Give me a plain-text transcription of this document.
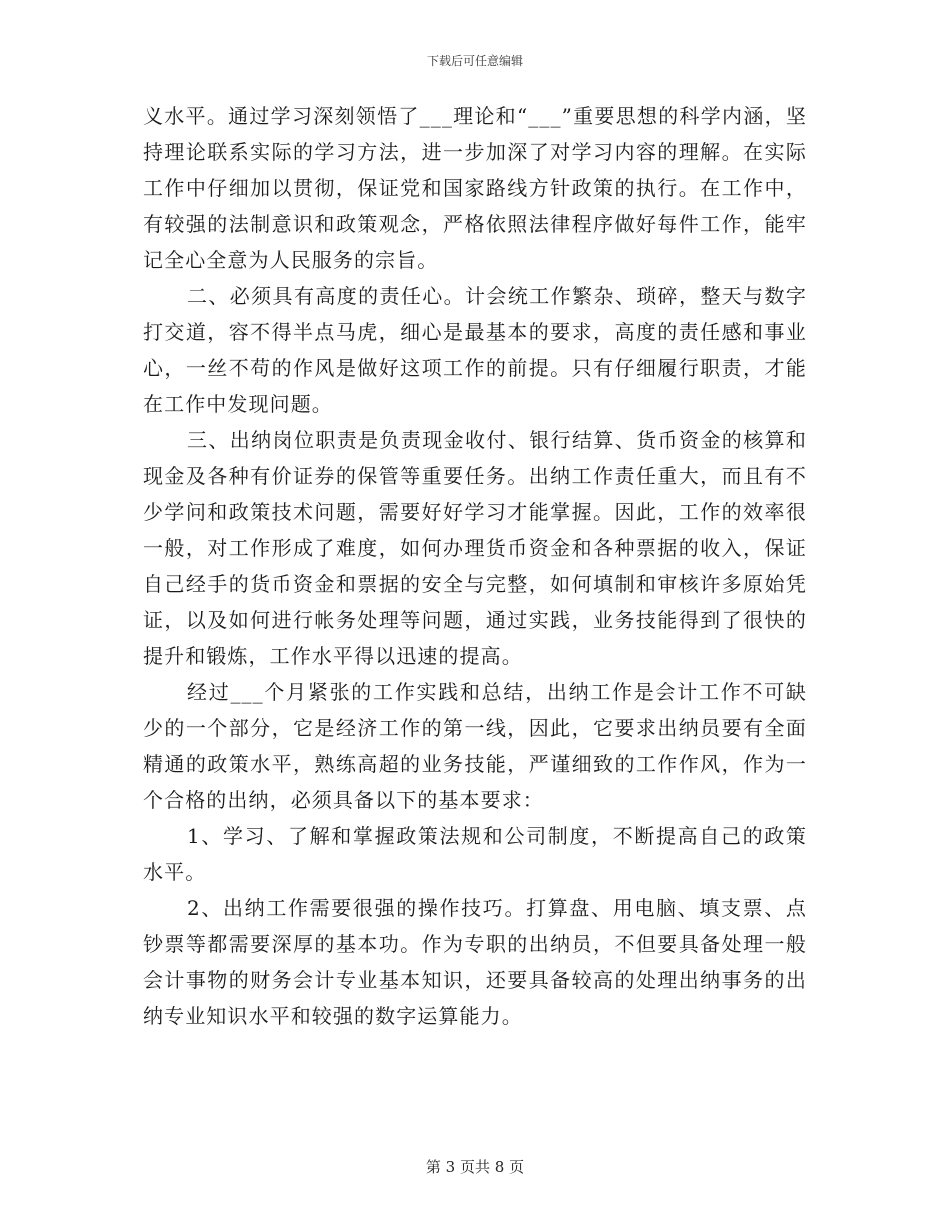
下载后可任意编辑

义水平。通过学习深刻领悟了___理论和“___”重要思想的科学内涵，坚持理论联系实际的学习方法，进一步加深了对学习内容的理解。在实际工作中仔细加以贯彻，保证党和国家路线方针政策的执行。在工作中，有较强的法制意识和政策观念，严格依照法律程序做好每件工作，能牢记全心全意为人民服务的宗旨。

二、必须具有高度的责任心。计会统工作繁杂、琐碎，整天与数字打交道，容不得半点马虎，细心是最基本的要求，高度的责任感和事业心，一丝不苟的作风是做好这项工作的前提。只有仔细履行职责，才能在工作中发现问题。

三、出纳岗位职责是负责现金收付、银行结算、货币资金的核算和现金及各种有价证券的保管等重要任务。出纳工作责任重大，而且有不少学问和政策技术问题，需要好好学习才能掌握。因此，工作的效率很一般，对工作形成了难度，如何办理货币资金和各种票据的收入，保证自己经手的货币资金和票据的安全与完整，如何填制和审核许多原始凭证，以及如何进行帐务处理等问题，通过实践，业务技能得到了很快的提升和锻炼，工作水平得以迅速的提高。

经过___个月紧张的工作实践和总结，出纳工作是会计工作不可缺少的一个部分，它是经济工作的第一线，因此，它要求出纳员要有全面精通的政策水平，熟练高超的业务技能，严谨细致的工作作风，作为一个合格的出纳，必须具备以下的基本要求：

1、学习、了解和掌握政策法规和公司制度，不断提高自己的政策水平。

2、出纳工作需要很强的操作技巧。打算盘、用电脑、填支票、点钞票等都需要深厚的基本功。作为专职的出纳员，不但要具备处理一般会计事物的财务会计专业基本知识，还要具备较高的处理出纳事务的出纳专业知识水平和较强的数字运算能力。

第 3 页共 8 页
